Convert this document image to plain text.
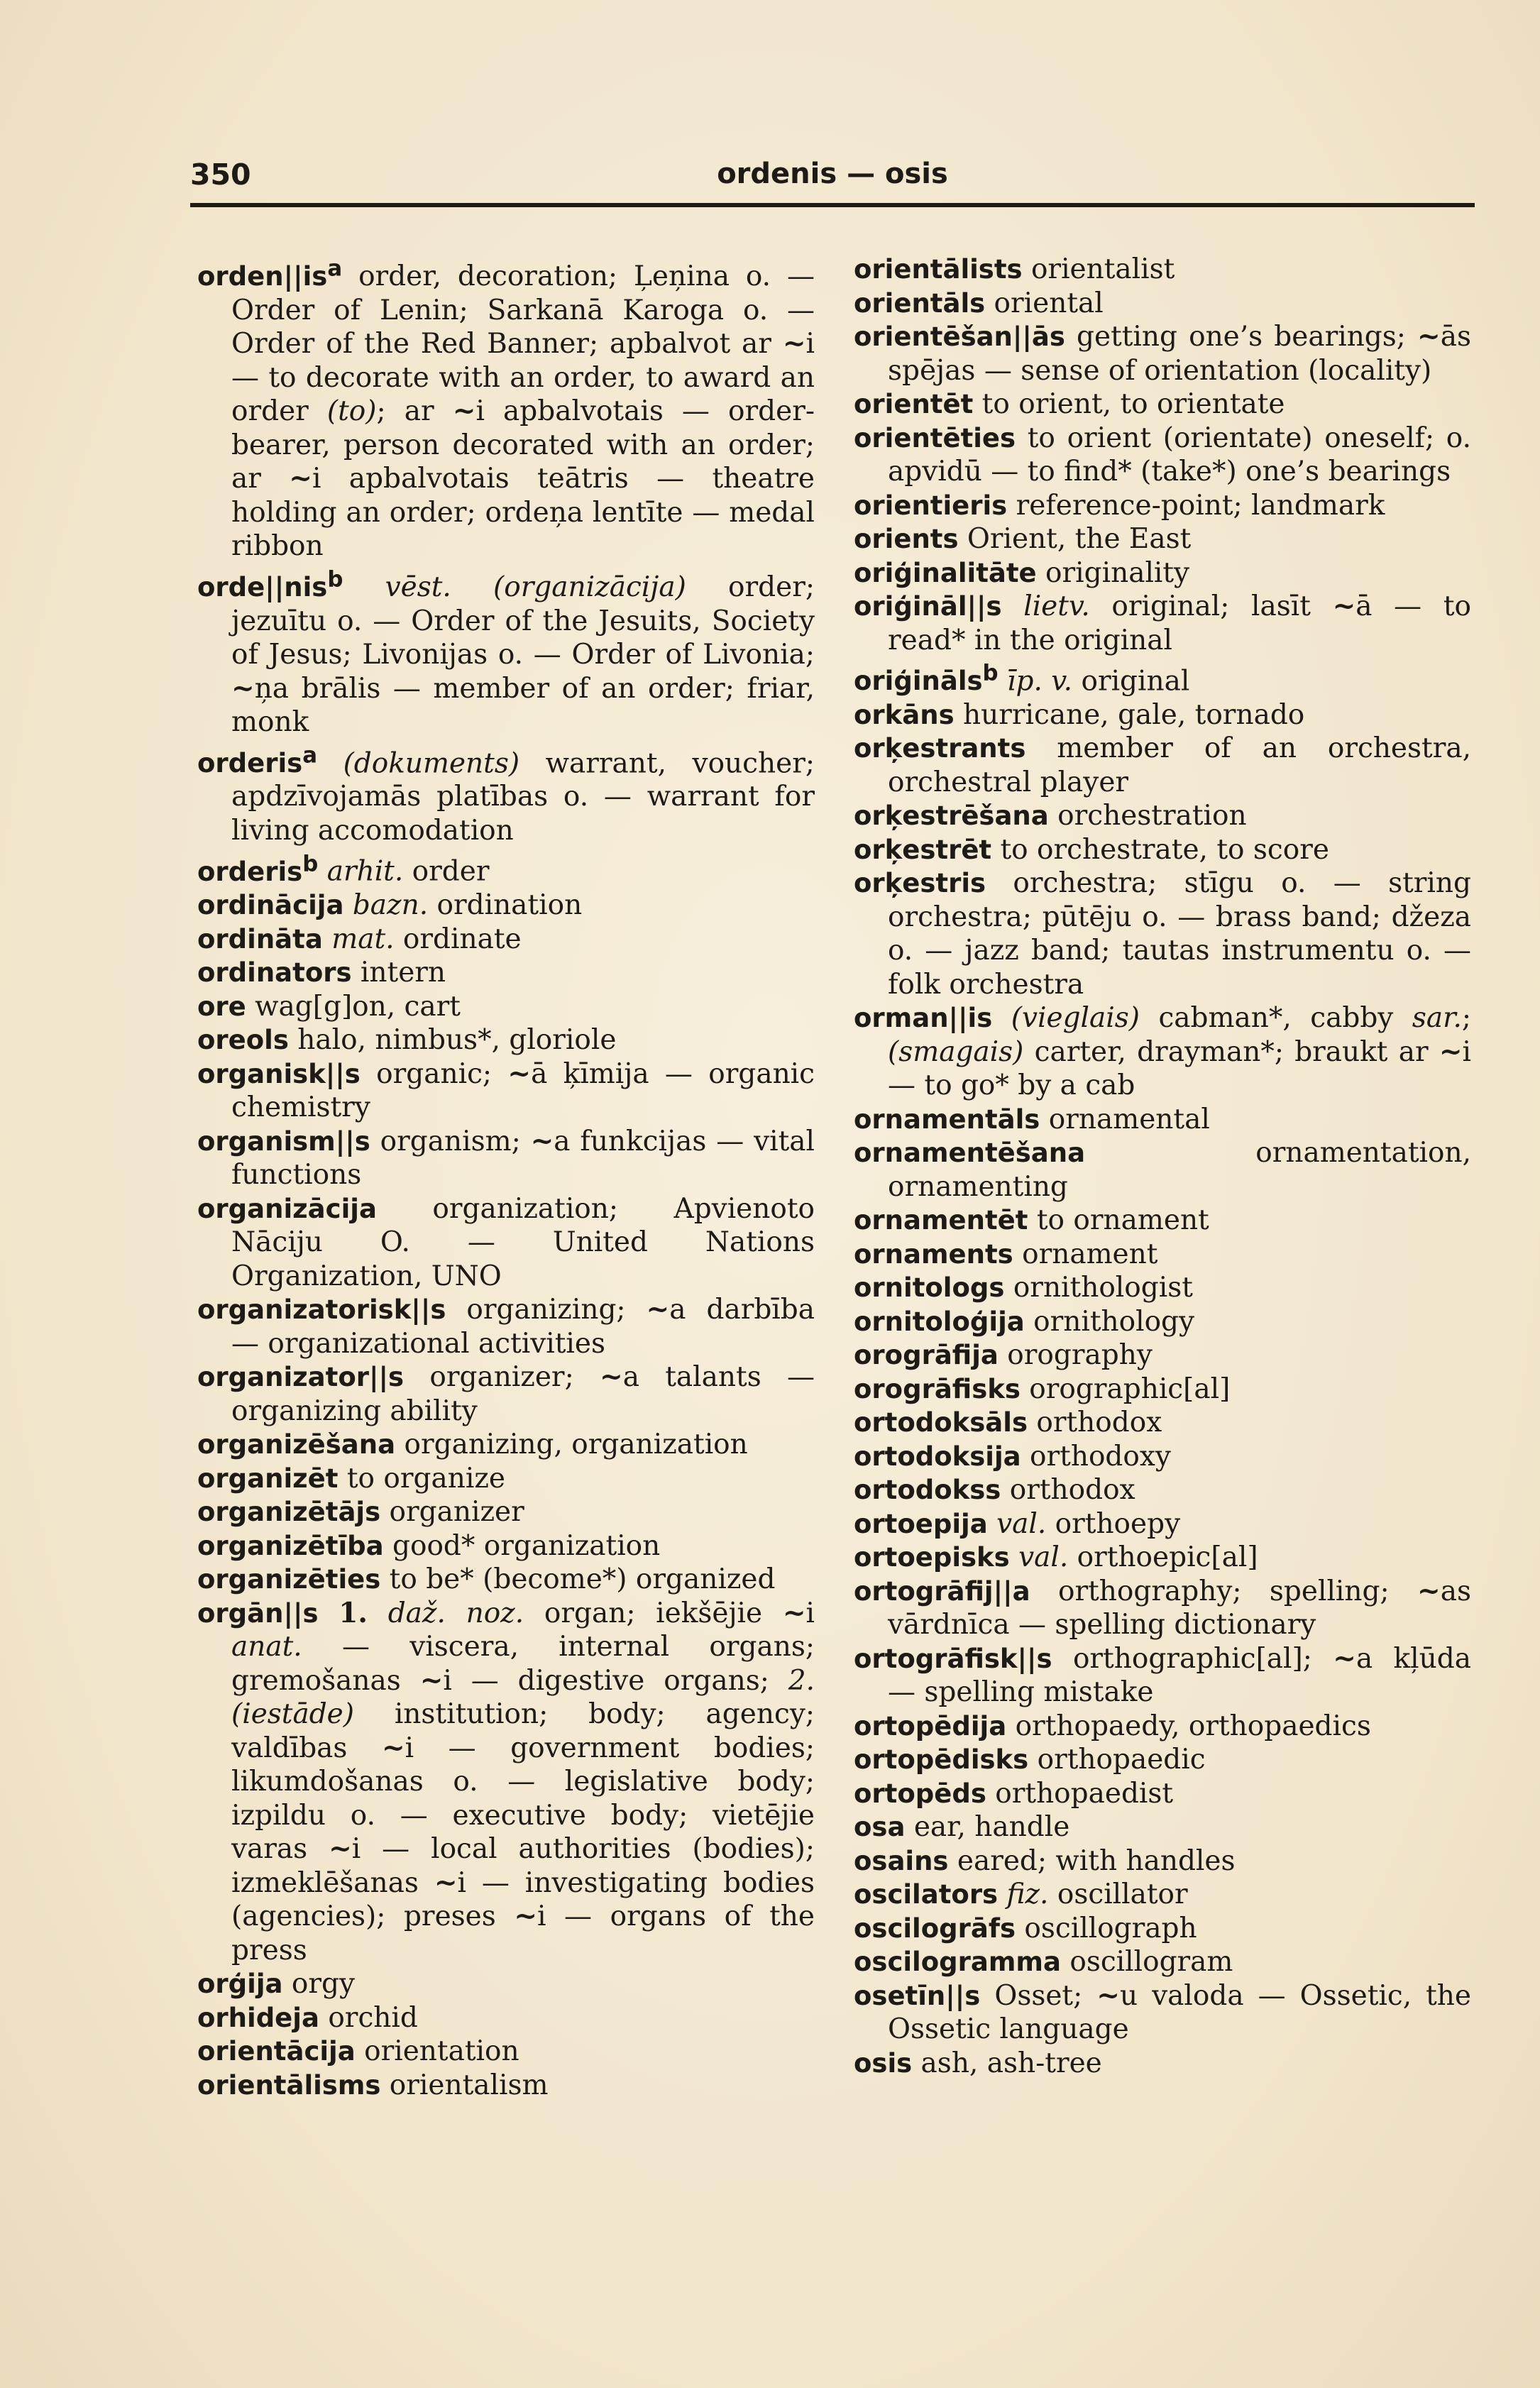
350	ordenis — osis
$orden||is^a$ order, decoration; Ļeņina o. — Order of Lenin; Sarkanā Karoga o. — Order of the Red Banner; apbalvot ar ~i — to decorate with an order, to award an order (to); ar ~i apbalvotais — order-bearer, person decorated with an order; ar ~i apbalvotais teātris — theatre holding an order; ordeņa lentīte — medal ribbon
orde||nis$^b$ vēst. (organizācija) order; jezuītu o. — Order of the Jesuits, Society of Jesus; Livonijas o. — Order of Livonia; ~ņa brālis — member of an order; friar, monk
orderis$^a$ (dokuments) warrant, voucher; apdzīvojamās platības o. — warrant for living accomodation
orderis$^b$ arhit. order
ordinācija bazn. ordination
ordināta mat. ordinate
ordinators intern
ore wag[g]on, cart
oreols halo, nimbus*, gloriole
organisk||s organic; ~ā ķīmija — organic chemistry
organism||s organism; ~a funkcijas — vital functions
organizācija organization; Apvienoto Nāciju O. — United Nations Organization, UNO
organizatorisk||s organizing; ~a darbība — organizational activities
organizator||s organizer; ~a talants — organizing ability
organizēšana organizing, organization
organizēt to organize
organizētājs organizer
organizētība good* organization
organizēties to be* (become*) organized
orgān||s 1. daž. noz. organ; iekšējie ~i anat. — viscera, internal organs; gremošanas ~i — digestive organs; 2. (iestāde) institution; body; agency; valdības ~i — government bodies; likumdošanas o. — legislative body; izpildu o. — executive body; vietējie varas ~i — local authorities (bodies); izmeklēšanas ~i — investigating bodies (agencies); preses ~i — organs of the press
orģija orgy
orhideja orchid
orientācija orientation
orientālisms orientalism
orientālists orientalist
orientāls oriental
orientēšan||ās getting one’s bearings; ~ās spējas — sense of orientation (locality)
orientēt to orient, to orientate
orientēties to orient (orientate) oneself; o. apvidū — to find* (take*) one’s bearings
orientieris reference-point; landmark
orients Orient, the East
oriģinalitāte originality
oriģināl||s lietv. original; lasīt ~ā — to read* in the original
oriģināls$^b$ īp. v. original
orkāns hurricane, gale, tornado
orķestrants member of an orchestra, orchestral player
orķestrēšana orchestration
orķestrēt to orchestrate, to score
orķestris orchestra; stīgu o. — string orchestra; pūtēju o. — brass band; džeza o. — jazz band; tautas instrumentu o. — folk orchestra
orman||is (vieglais) cabman*, cabby sar.; (smagais) carter, drayman*; braukt ar ~i — to go* by a cab
ornamentāls ornamental
ornamentēšana ornamentation, ornamenting
ornamentēt to ornament
ornaments ornament
ornitologs ornithologist
ornitoloģija ornithology
orogrāfija orography
orogrāfisks orographic[al]
ortodoksāls orthodox
ortodoksija orthodoxy
ortodokss orthodox
ortoepija val. orthoepy
ortoepisks val. orthoepic[al]
ortogrāfij||a orthography; spelling; ~as vārdnīca — spelling dictionary
ortogrāfisk||s orthographic[al]; ~a kļūda — spelling mistake
ortopēdija orthopaedy, orthopaedics
ortopēdisks orthopaedic
ortopēds orthopaedist
osa ear, handle
osains eared; with handles
oscilators fiz. oscillator
oscilogrāfs oscillograph
oscilogramma oscillogram
osetīn||s Osset; ~u valoda — Ossetic, the Ossetic language
osis ash, ash-tree
